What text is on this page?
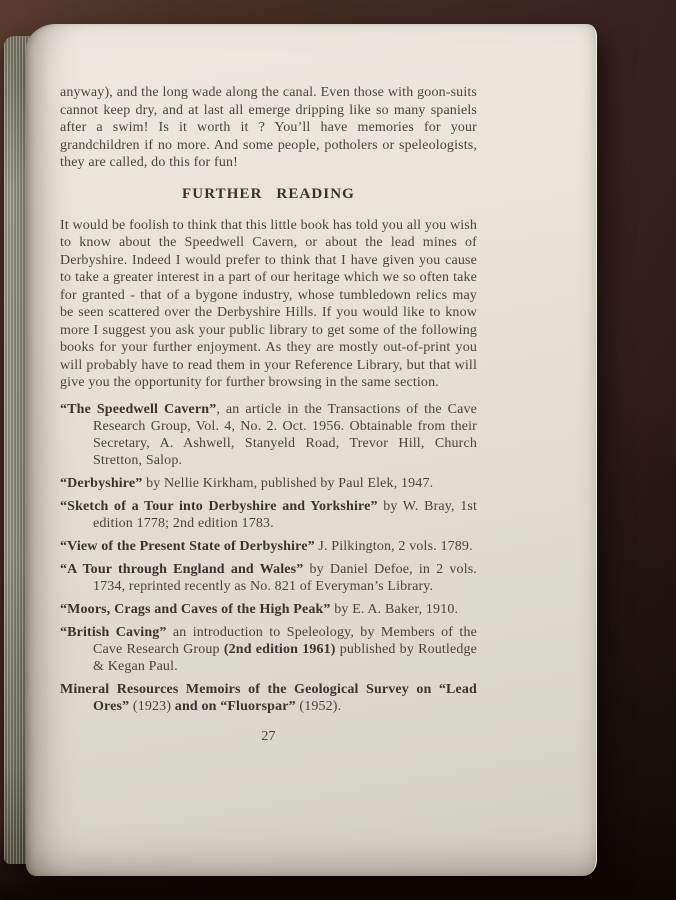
anyway), and the long wade along the canal. Even those with goon-suits cannot keep dry, and at last all emerge dripping like so many spaniels after a swim! Is it worth it ? You’ll have memories for your grandchildren if no more. And some people, potholers or speleologists, they are called, do this for fun!

FURTHER READING

It would be foolish to think that this little book has told you all you wish to know about the Speedwell Cavern, or about the lead mines of Derbyshire. Indeed I would prefer to think that I have given you cause to take a greater interest in a part of our heritage which we so often take for granted - that of a bygone industry, whose tumbledown relics may be seen scattered over the Derbyshire Hills. If you would like to know more I suggest you ask your public library to get some of the following books for your further enjoyment. As they are mostly out-of-print you will probably have to read them in your Reference Library, but that will give you the opportunity for further browsing in the same section.

“The Speedwell Cavern”, an article in the Transactions of the Cave Research Group, Vol. 4, No. 2. Oct. 1956. Obtainable from their Secretary, A. Ashwell, Stanyeld Road, Trevor Hill, Church Stretton, Salop.

“Derbyshire” by Nellie Kirkham, published by Paul Elek, 1947.

“Sketch of a Tour into Derbyshire and Yorkshire” by W. Bray, 1st edition 1778; 2nd edition 1783.

“View of the Present State of Derbyshire” J. Pilkington, 2 vols. 1789.

“A Tour through England and Wales” by Daniel Defoe, in 2 vols. 1734, reprinted recently as No. 821 of Everyman’s Library.

“Moors, Crags and Caves of the High Peak” by E. A. Baker, 1910.

“British Caving” an introduction to Speleology, by Members of the Cave Research Group (2nd edition 1961) published by Routledge & Kegan Paul.

Mineral Resources Memoirs of the Geological Survey on “Lead Ores” (1923) and on “Fluorspar” (1952).

27
